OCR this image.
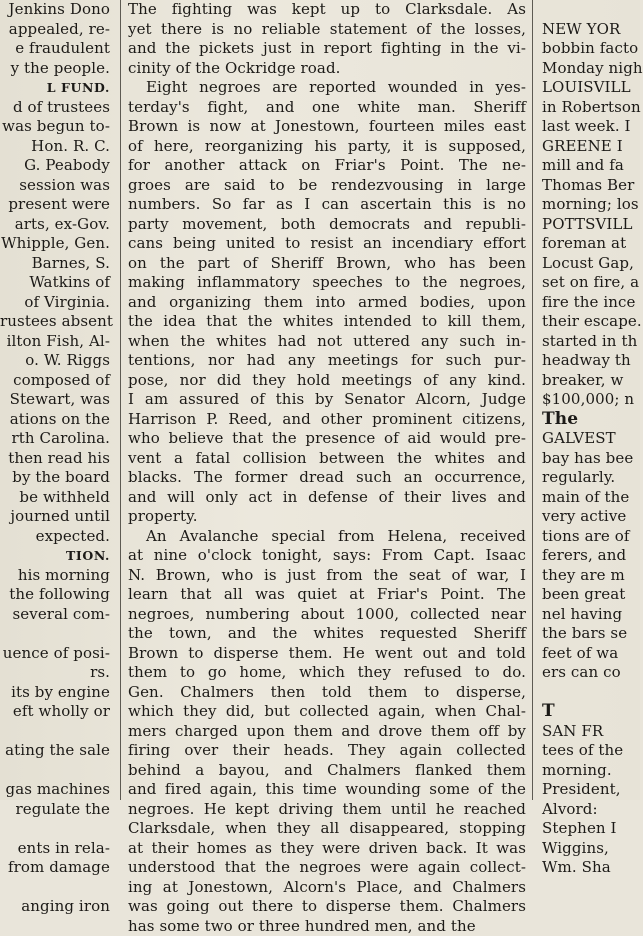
Jenkins Dono
appealed, re-
e fraudulent
y the people.
L FUND.
d of trustees
was begun to-
Hon. R. C.
G. Peabody
session was
present were
arts, ex-Gov.
Whipple, Gen.
Barnes, S.
Watkins of
of Virginia.
rustees absent
ilton Fish, Al-
o. W. Riggs
composed of
Stewart, was
ations on the
rth Carolina.
then read his
by the board
be withheld
journed until
expected.
TION.
his morning
the following
several com-
uence of posi-
rs.
its by engine
eft wholly or
ating the sale
gas machines
regulate the
ents in rela-
from damage
anging iron
The fighting was kept up to Clarksdale. As
yet there is no reliable statement of the losses,
and the pickets just in report fighting in the vi-
cinity of the Ockridge road.
Eight negroes are reported wounded in yes-
terday's fight, and one white man. Sheriff
Brown is now at Jonestown, fourteen miles east
of here, reorganizing his party, it is supposed,
for another attack on Friar's Point. The ne-
groes are said to be rendezvousing in large
numbers. So far as I can ascertain this is no
party movement, both democrats and republi-
cans being united to resist an incendiary effort
on the part of Sheriff Brown, who has been
making inflammatory speeches to the negroes,
and organizing them into armed bodies, upon
the idea that the whites intended to kill them,
when the whites had not uttered any such in-
tentions, nor had any meetings for such pur-
pose, nor did they hold meetings of any kind.
I am assured of this by Senator Alcorn, Judge
Harrison P. Reed, and other prominent citizens,
who believe that the presence of aid would pre-
vent a fatal collision between the whites and
blacks. The former dread such an occurrence,
and will only act in defense of their lives and
property.
An Avalanche special from Helena, received
at nine o'clock tonight, says: From Capt. Isaac
N. Brown, who is just from the seat of war, I
learn that all was quiet at Friar's Point. The
negroes, numbering about 1000, collected near
the town, and the whites requested Sheriff
Brown to disperse them. He went out and told
them to go home, which they refused to do.
Gen. Chalmers then told them to disperse,
which they did, but collected again, when Chal-
mers charged upon them and drove them off by
firing over their heads. They again collected
behind a bayou, and Chalmers flanked them
and fired again, this time wounding some of the
negroes. He kept driving them until he reached
Clarksdale, when they all disappeared, stopping
at their homes as they were driven back. It was
understood that the negroes were again collect-
ing at Jonestown, Alcorn's Place, and Chalmers
was going out there to disperse them. Chalmers
has some two or three hundred men, and the
NEW YOR
bobbin facto
Monday nigh
LOUISVILL
in Robertson
last week. I
GREENE I
mill and fa
Thomas Ber
morning; los
POTTSVILL
foreman at
Locust Gap,
set on fire, a
fire the ince
their escape.
started in th
headway th
breaker, w
$100,000; n
The
GALVEST
bay has bee
regularly.
main of the
very active
tions are of
ferers, and
they are m
been great
nel having
the bars se
feet of wa
ers can co
T
SAN FR
tees of the
morning.
President,
Alvord:
Stephen I
Wiggins,
Wm. Sha
